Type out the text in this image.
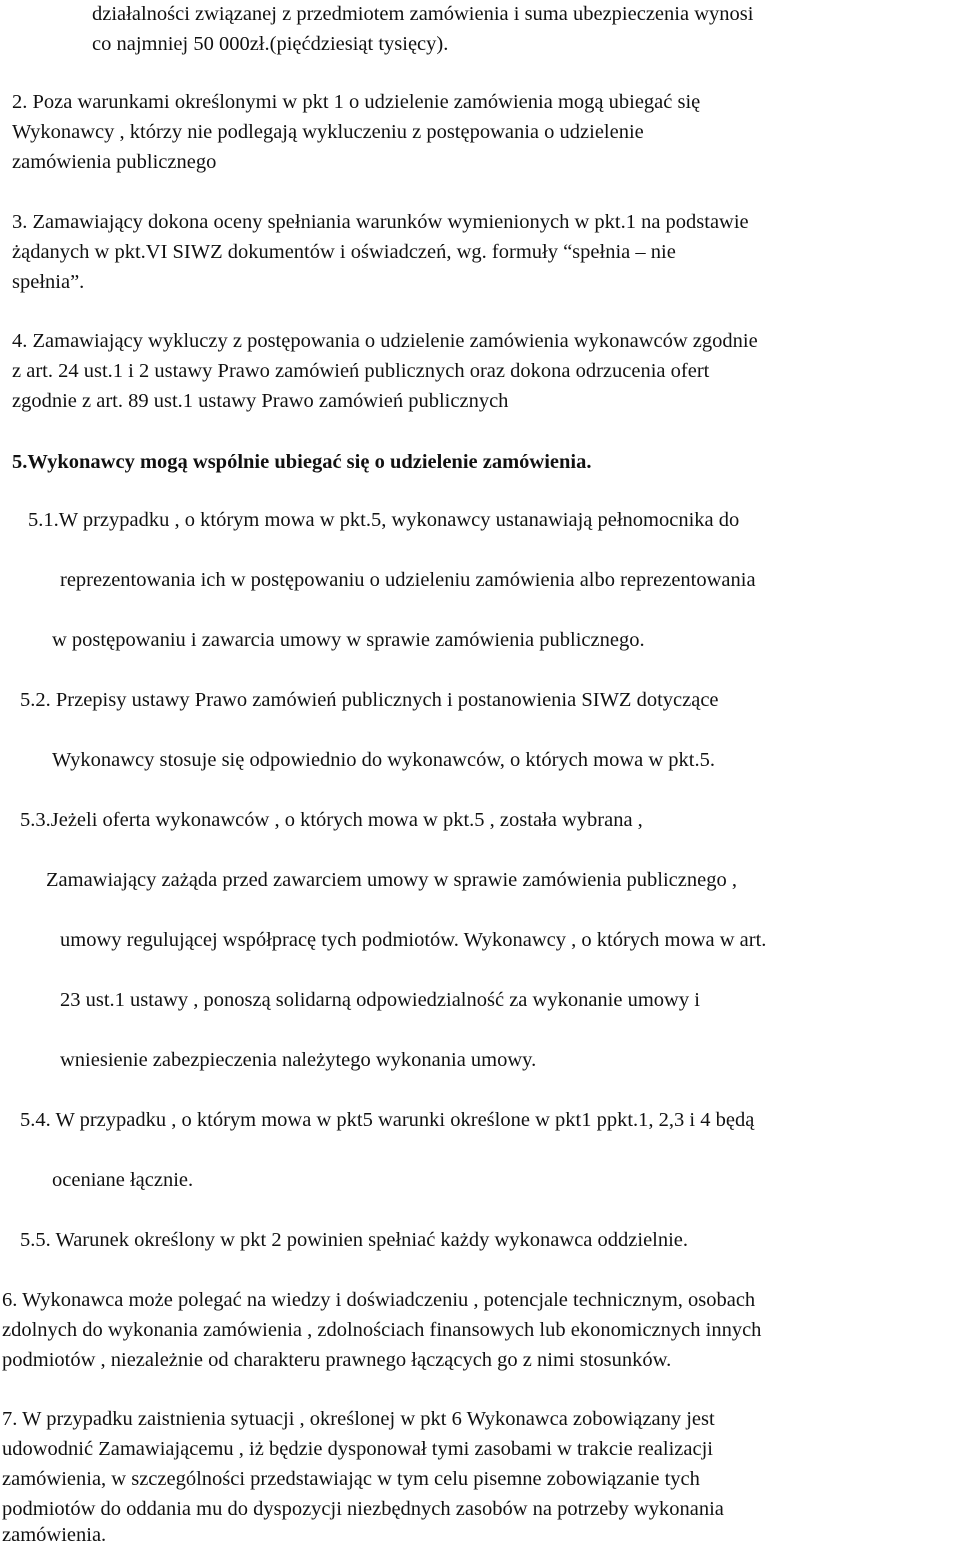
działalności związanej z przedmiotem zamówienia i suma ubezpieczenia wynosi

co najmniej 50 000zł.(pięćdziesiąt tysięcy).

2. Poza warunkami określonymi w pkt 1 o udzielenie zamówienia mogą ubiegać się

Wykonawcy , którzy nie podlegają wykluczeniu z postępowania o udzielenie

zamówienia publicznego

3. Zamawiający dokona oceny spełniania warunków wymienionych w pkt.1 na podstawie

żądanych w pkt.VI SIWZ dokumentów i oświadczeń, wg. formuły “spełnia – nie

spełnia”.

4. Zamawiający wykluczy z postępowania o udzielenie zamówienia wykonawców zgodnie

z art. 24 ust.1 i 2 ustawy Prawo zamówień publicznych oraz dokona odrzucenia ofert

zgodnie z art. 89 ust.1 ustawy Prawo zamówień publicznych

5.Wykonawcy mogą wspólnie ubiegać się o udzielenie zamówienia.

5.1.W przypadku , o którym mowa w pkt.5, wykonawcy ustanawiają pełnomocnika do

reprezentowania ich w postępowaniu o udzieleniu zamówienia albo reprezentowania

w postępowaniu i zawarcia umowy w sprawie zamówienia publicznego.

5.2. Przepisy ustawy Prawo zamówień publicznych i postanowienia SIWZ dotyczące

Wykonawcy stosuje się odpowiednio do wykonawców, o których mowa w pkt.5.

5.3.Jeżeli oferta wykonawców , o których mowa w pkt.5 , została wybrana ,

Zamawiający zażąda przed zawarciem umowy w sprawie zamówienia publicznego ,

umowy regulującej współpracę tych podmiotów. Wykonawcy , o których mowa w art.

23 ust.1 ustawy , ponoszą solidarną odpowiedzialność za wykonanie umowy i

wniesienie zabezpieczenia należytego wykonania umowy.

5.4. W przypadku , o którym mowa w pkt5 warunki określone w pkt1 ppkt.1, 2,3 i 4 będą

oceniane łącznie.

5.5. Warunek określony w pkt 2 powinien spełniać każdy wykonawca oddzielnie.

6. Wykonawca może polegać na wiedzy i doświadczeniu , potencjale technicznym, osobach

zdolnych do wykonania zamówienia , zdolnościach finansowych lub ekonomicznych innych

podmiotów , niezależnie od charakteru prawnego łączących go z nimi stosunków.

7. W przypadku zaistnienia sytuacji , określonej w pkt 6 Wykonawca zobowiązany jest

udowodnić Zamawiającemu , iż będzie dysponował tymi zasobami w trakcie realizacji

zamówienia, w szczególności przedstawiając w tym celu pisemne zobowiązanie tych

podmiotów do oddania mu do dyspozycji niezbędnych zasobów na potrzeby wykonania

zamówienia.
